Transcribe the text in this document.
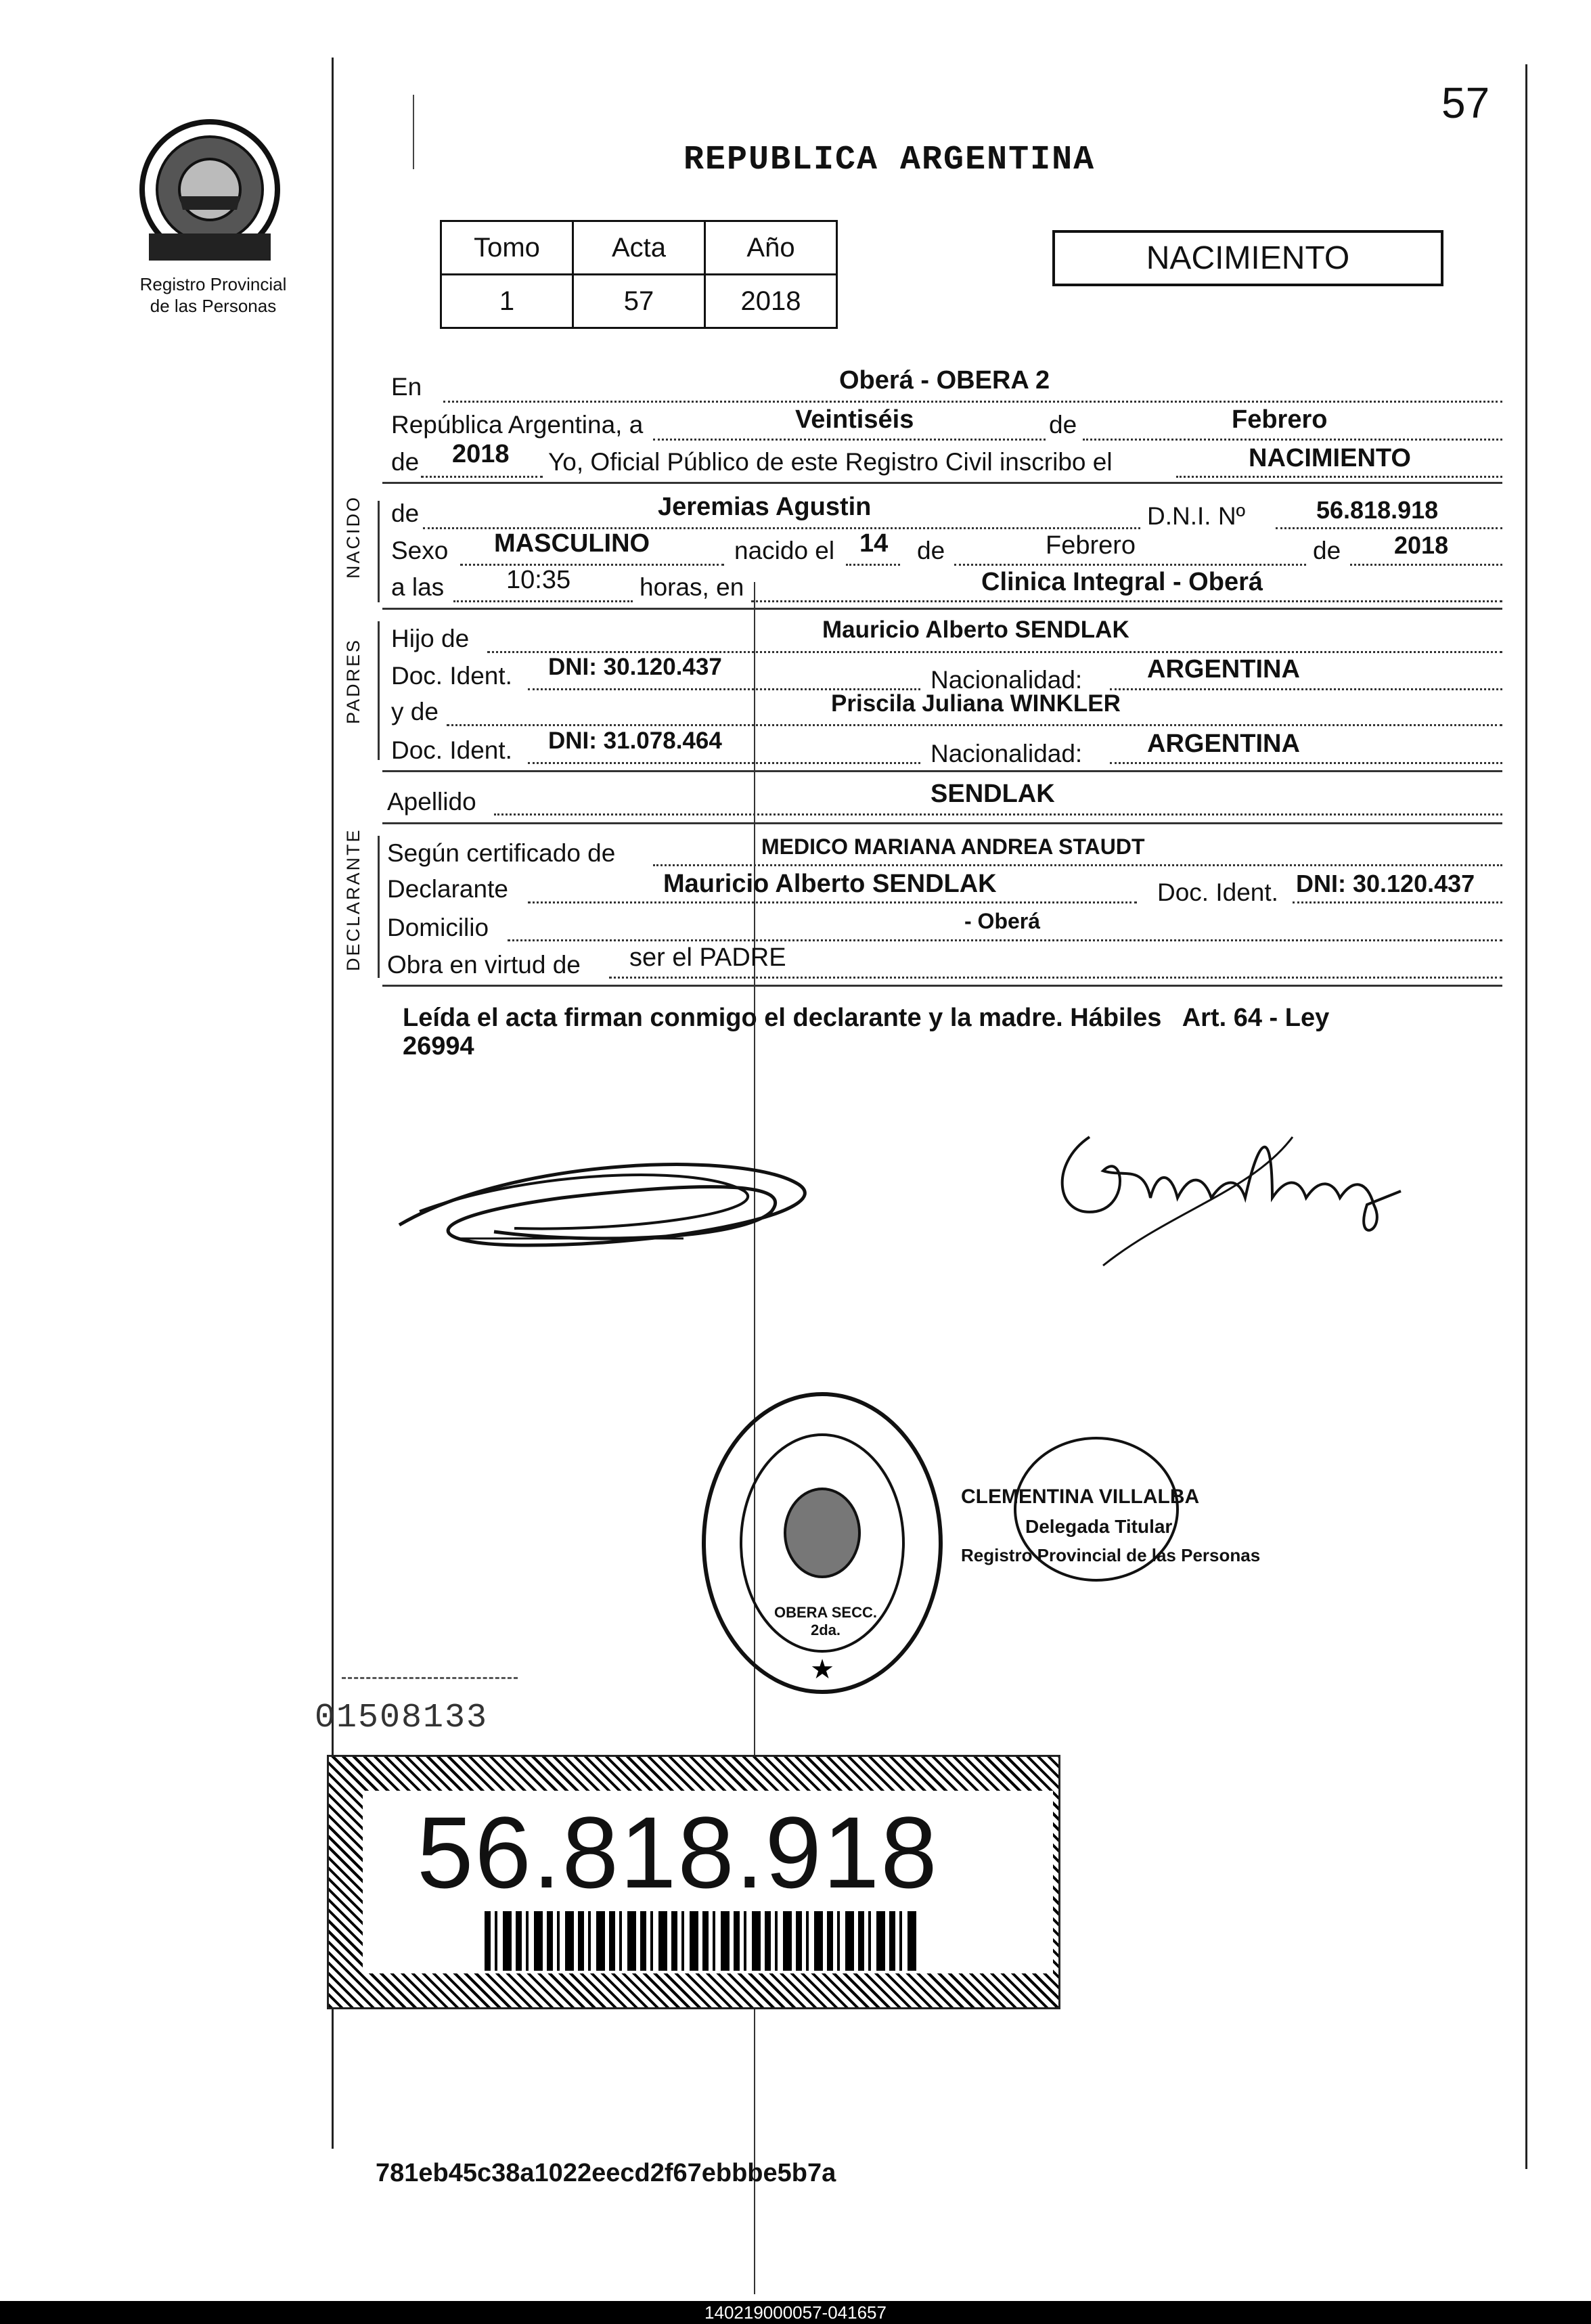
Registro Provincial
de las Personas
57
REPUBLICA ARGENTINA
Tomo	Acta	Año
1	57	2018
NACIMIENTO
NACIDO
PADRES
DECLARANTE
En	Oberá - OBERA 2
República Argentina, a	Veintiséis	de	Febrero
de 2018 Yo, Oficial Público de este Registro Civil inscribo el	NACIMIENTO
de	Jeremias Agustin	D.N.I. Nº	56.818.918
Sexo MASCULINO	nacido el 14 de	Febrero	de 2018
a las 10:35	horas, en	Clinica Integral - Oberá
Hijo de	Mauricio Alberto SENDLAK
Doc. Ident. DNI: 30.120.437	Nacionalidad:	ARGENTINA
y de	Priscila Juliana WINKLER
Doc. Ident. DNI: 31.078.464	Nacionalidad:	ARGENTINA
Apellido	SENDLAK
Según certificado de	MEDICO MARIANA ANDREA STAUDT
Declarante	Mauricio Alberto SENDLAK	Doc. Ident. DNI: 30.120.437
Domicilio	- Oberá
Obra en virtud de ser el PADRE
Leída el acta firman conmigo el declarante y la madre. Hábiles   Art. 64 - Ley
26994
★
OBERA SECC. 2da.
CLEMENTINA VILLALBA
Delegada Titular
Registro Provincial de las Personas
01508133
56.818.918
781eb45c38a1022eecd2f67ebbbe5b7a
140219000057-041657
